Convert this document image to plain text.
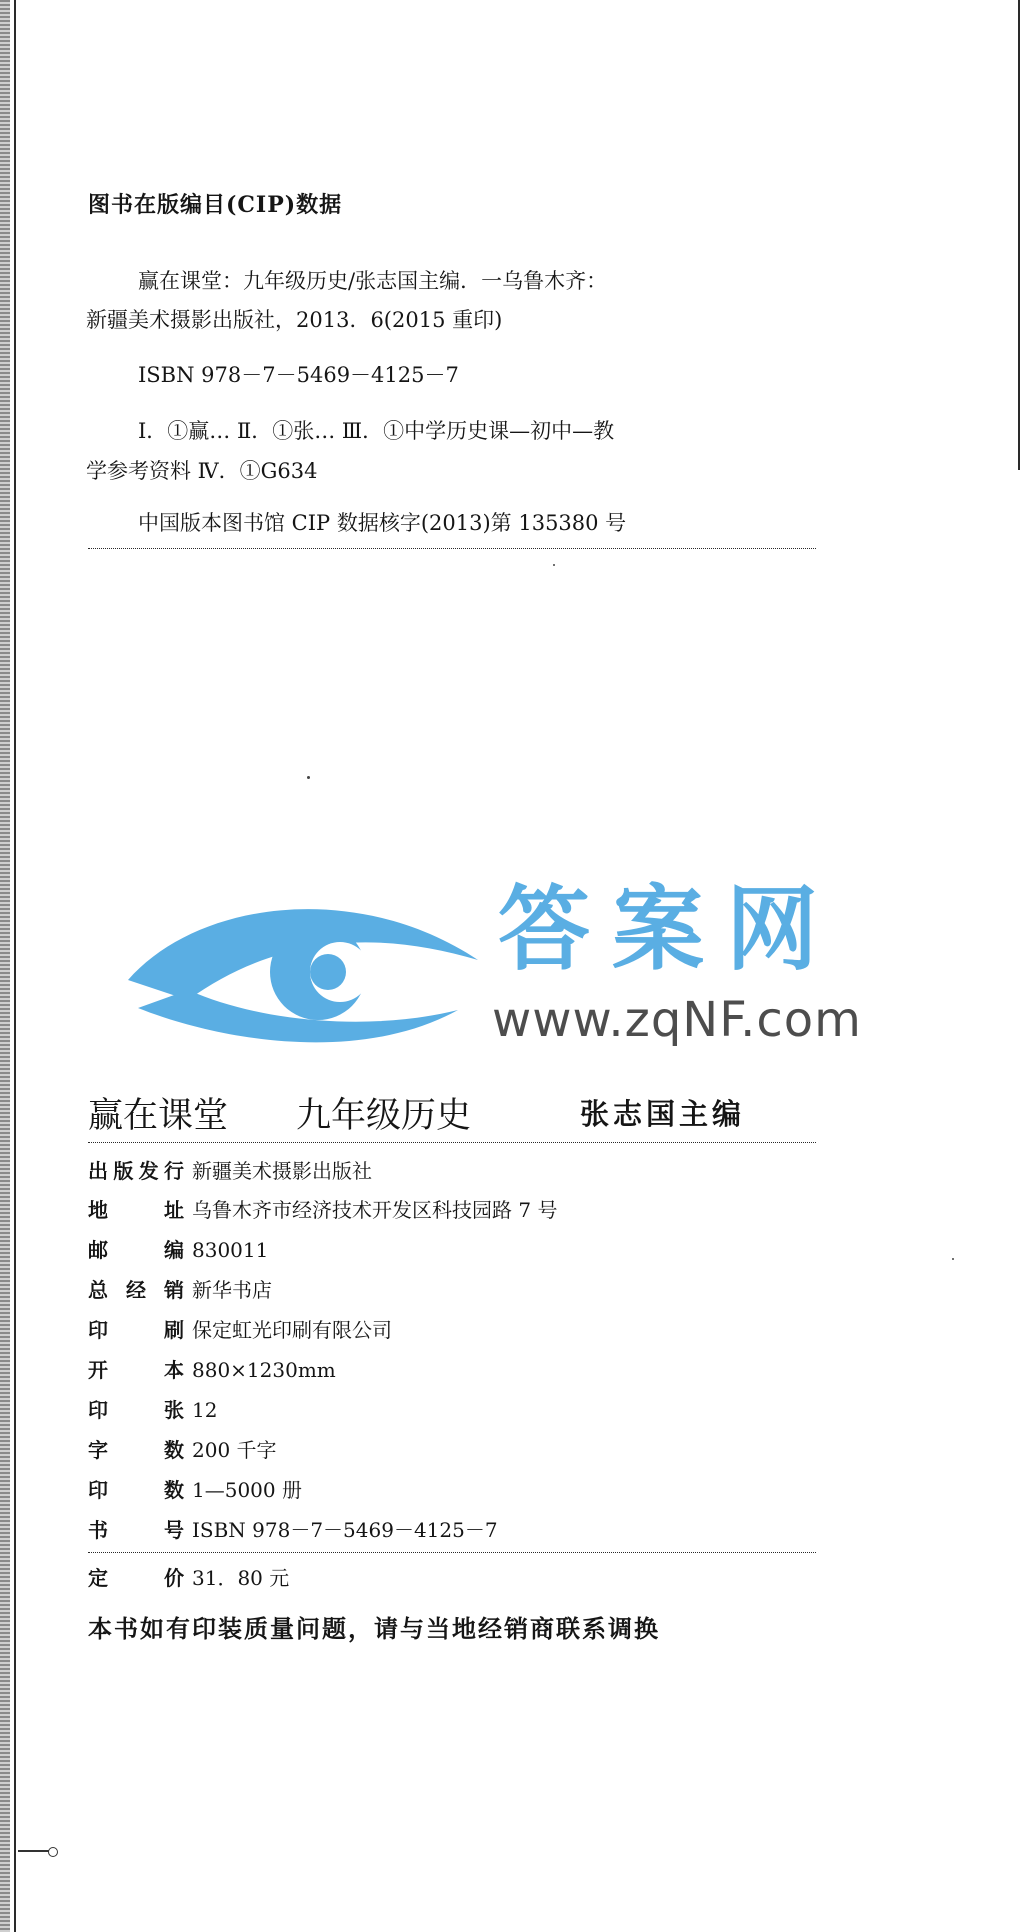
图书在版编目(CIP)数据
赢在课堂：九年级历史/张志国主编．一乌鲁木齐：
新疆美术摄影出版社，2013．6(2015 重印)
ISBN 978－7－5469－4125－7
Ⅰ．①赢… Ⅱ．①张… Ⅲ．①中学历史课—初中—教
学参考资料 Ⅳ．①G634
中国版本图书馆 CIP 数据核字(2013)第 135380 号
答案网
www.zqNF.com
赢在课堂 九年级历史	张志国主编
出版发行 新疆美术摄影出版社
地址 乌鲁木齐市经济技术开发区科技园路 7 号
邮编 830011
总经销 新华书店
印刷 保定虹光印刷有限公司
开本 880×1230mm
印张 12
字数 200 千字
印数 1—5000 册
书号 ISBN 978－7－5469－4125－7
定价 31．80 元
本书如有印装质量问题，请与当地经销商联系调换
